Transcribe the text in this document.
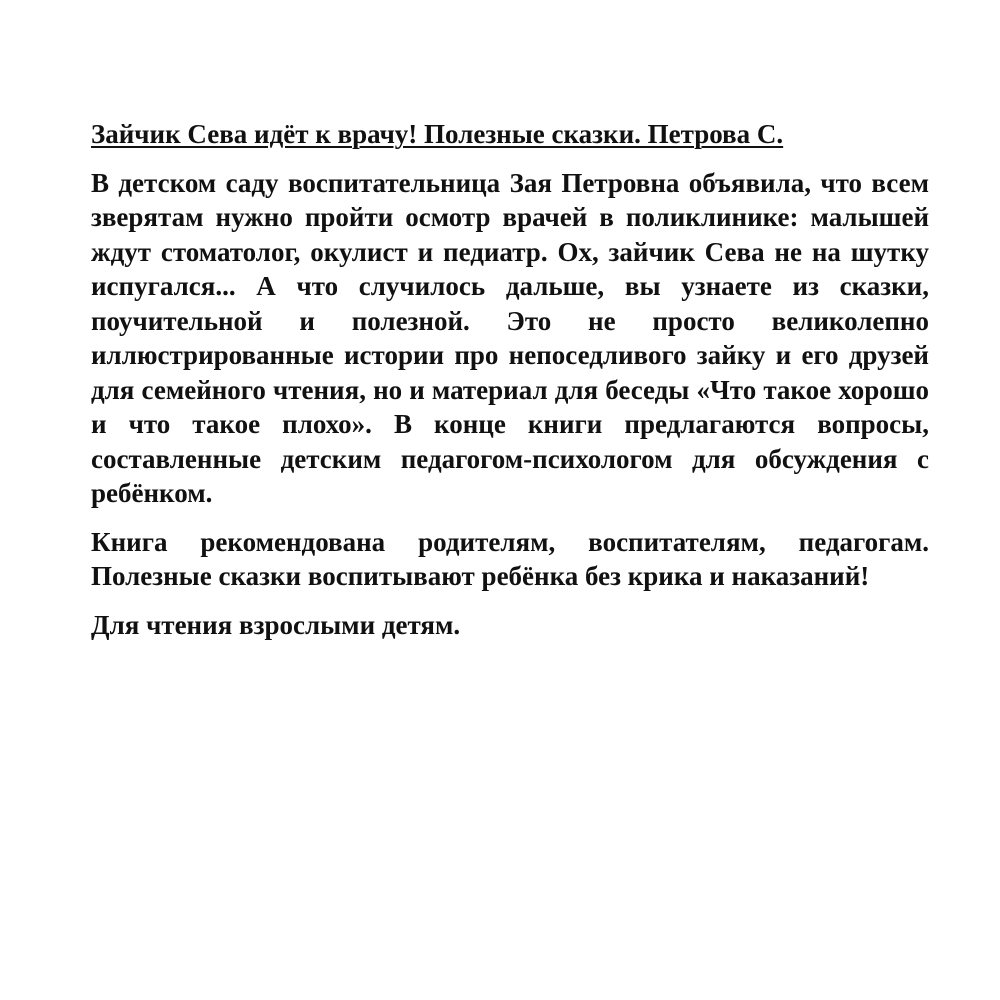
Зайчик Сева идёт к врачу! Полезные сказки. Петрова С.

В детском саду воспитательница Зая Петровна объявила, что всем зверятам нужно пройти осмотр врачей в поликлинике: малышей ждут стоматолог, окулист и педиатр. Ох, зайчик Сева не на шутку испугался... А что случилось дальше, вы узнаете из сказки, поучительной и полезной. Это не просто великолепно иллюстрированные истории про непоседливого зайку и его друзей для семейного чтения, но и материал для беседы «Что такое хорошо и что такое плохо». В конце книги предлагаются вопросы, составленные детским педагогом-психологом для обсуждения с ребёнком.

Книга рекомендована родителям, воспитателям, педагогам. Полезные сказки воспитывают ребёнка без крика и наказаний!

Для чтения взрослыми детям.
